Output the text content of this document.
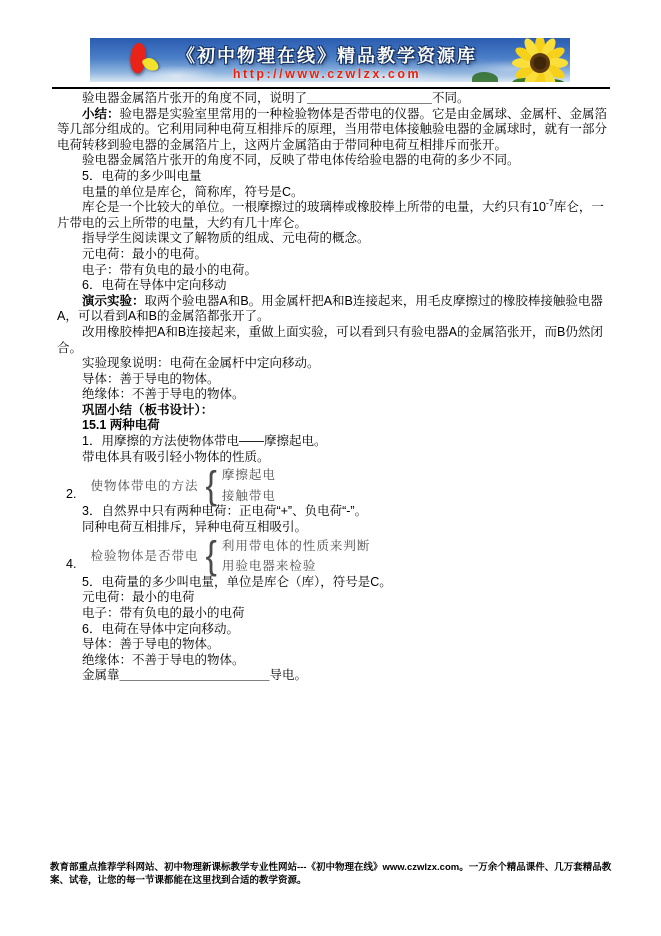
《初中物理在线》精品教学资源库
http://www.czwlzx.com
验电器金属箔片张开的角度不同，说明了＿＿＿＿＿＿＿＿＿＿不同。
小结：验电器是实验室里常用的一种检验物体是否带电的仪器。它是由金属球、金属杆、金属箔等几部分组成的。它利用同种电荷互相排斥的原理，当用带电体接触验电器的金属球时，就有一部分电荷转移到验电器的金属箔片上，这两片金属箔由于带同种电荷互相排斥而张开。
验电器金属箔片张开的角度不同，反映了带电体传给验电器的电荷的多少不同。
5．电荷的多少叫电量
电量的单位是库仑，简称库，符号是C。
库仑是一个比较大的单位。一根摩擦过的玻璃棒或橡胶棒上所带的电量，大约只有$10^{-7}$库仑，一片带电的云上所带的电量，大约有几十库仑。
指导学生阅读课文了解物质的组成、元电荷的概念。
元电荷：最小的电荷。
电子：带有负电的最小的电荷。
6．电荷在导体中定向移动
演示实验：取两个验电器A和B。用金属杆把A和B连接起来，用毛皮摩擦过的橡胶棒接触验电器A，可以看到A和B的金属箔都张开了。
改用橡胶棒把A和B连接起来，重做上面实验，可以看到只有验电器A的金属箔张开，而B仍然闭合。
实验现象说明：电荷在金属杆中定向移动。
导体：善于导电的物体。
绝缘体：不善于导电的物体。
巩固小结（板书设计）：
15.1 两种电荷
1．用摩擦的方法使物体带电——摩擦起电。
带电体具有吸引轻小物体的性质。
2.
使物体带电的方法 { 摩擦起电
接触带电
3．自然界中只有两种电荷：正电荷“+”、负电荷“-”。
同种电荷互相排斥，异种电荷互相吸引。
4.
检验物体是否带电 { 利用带电体的性质来判断
用验电器来检验
5．电荷量的多少叫电量，单位是库仑（库），符号是C。
元电荷：最小的电荷
电子：带有负电的最小的电荷
6．电荷在导体中定向移动。
导体：善于导电的物体。
绝缘体：不善于导电的物体。
金属靠＿＿＿＿＿＿＿＿＿＿＿＿导电。
教育部重点推荐学科网站、初中物理新课标教学专业性网站---《初中物理在线》www.czwlzx.com。一万余个精品课件、几万套精品教案、试卷，让您的每一节课都能在这里找到合适的教学资源。
